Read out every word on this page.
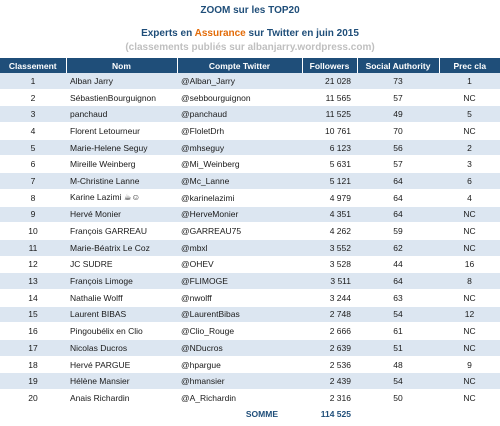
ZOOM sur les TOP20
Experts en Assurance sur Twitter en juin 2015
(classements publiés sur albanjarry.wordpress.com)
Classement	Nom	Compte Twitter	Followers	Social Authority	Prec cla
1	Alban Jarry	@Alban_Jarry	21 028	73	1
2	SébastienBourguignon	@sebbourguignon	11 565	57	NC
3	panchaud	@panchaud	11 525	49	5
4	Florent Letourneur	@FloletDrh	10 761	70	NC
5	Marie-Helene Seguy	@mhseguy	6 123	56	2
6	Mireille Weinberg	@Mi_Weinberg	5 631	57	3
7	M-Christine Lanne	@Mc_Lanne	5 121	64	6
8	Karine Lazimi ☕☺	@karinelazimi	4 979	64	4
9	Hervé Monier	@HerveMonier	4 351	64	NC
10	François GARREAU	@GARREAU75	4 262	59	NC
11	Marie-Béatrix Le Coz	@mbxl	3 552	62	NC
12	JC SUDRE	@OHEV	3 528	44	16
13	François Limoge	@FLIMOGE	3 511	64	8
14	Nathalie Wolff	@nwolff	3 244	63	NC
15	Laurent BIBAS	@LaurentBibas	2 748	54	12
16	Pingoubélix en Clio	@Clio_Rouge	2 666	61	NC
17	Nicolas Ducros	@NDucros	2 639	51	NC
18	Hervé PARGUE	@hpargue	2 536	48	9
19	Hélène Mansier	@hmansier	2 439	54	NC
20	Anais Richardin	@A_Richardin	2 316	50	NC
		SOMME	114 525		
